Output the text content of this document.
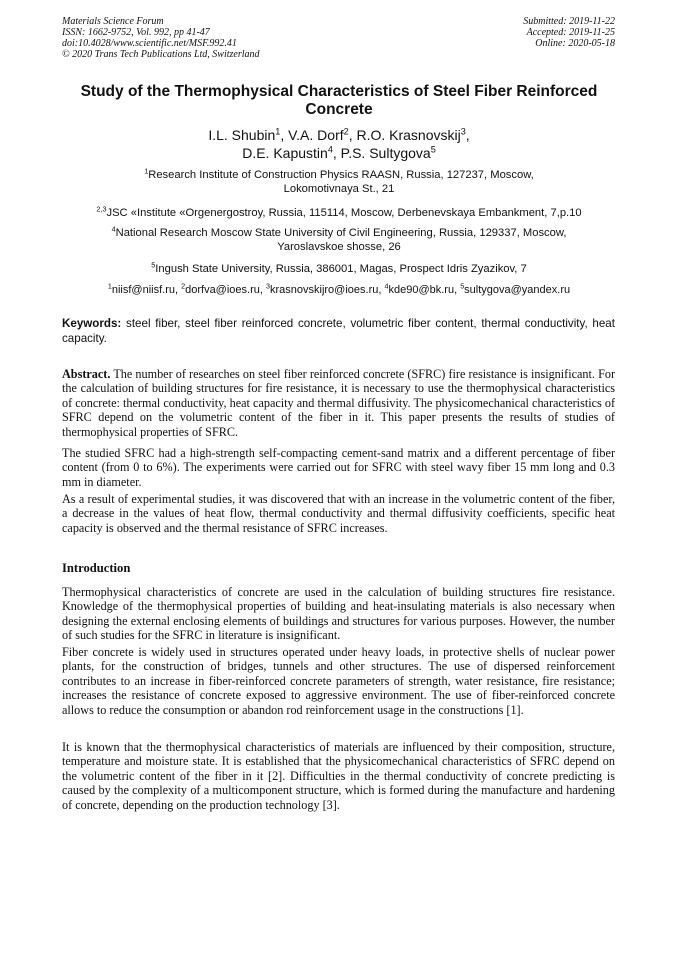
Materials Science Forum
ISSN: 1662-9752, Vol. 992, pp 41-47
doi:10.4028/www.scientific.net/MSF.992.41
© 2020 Trans Tech Publications Ltd, Switzerland
Submitted: 2019-11-22
Accepted: 2019-11-25
Online: 2020-05-18
Study of the Thermophysical Characteristics of Steel Fiber Reinforced
Concrete
I.L. Shubin$^1$, V.A. Dorf$^2$, R.O. Krasnovskij$^3$,
D.E. Kapustin$^4$, P.S. Sultygova$^5$
$^1$Research Institute of Construction Physics RAASN, Russia, 127237, Moscow,
Lokomotivnaya St., 21
$^{2,3}$JSC «Institute «Orgenergostroy, Russia, 115114, Moscow, Derbenevskaya Embankment, 7,p.10
$^4$National Research Moscow State University of Civil Engineering, Russia, 129337, Moscow,
Yaroslavskoe shosse, 26
$^5$Ingush State University, Russia, 386001, Magas, Prospect Idris Zyazikov, 7
$^1$niisf@niisf.ru, $^2$dorfva@ioes.ru, $^3$krasnovskijro@ioes.ru, $^4$kde90@bk.ru, $^5$sultygova@yandex.ru
Keywords: steel fiber, steel fiber reinforced concrete, volumetric fiber content, thermal conductivity, heat capacity.

Abstract. The number of researches on steel fiber reinforced concrete (SFRC) fire resistance is insignificant. For the calculation of building structures for fire resistance, it is necessary to use the thermophysical characteristics of concrete: thermal conductivity, heat capacity and thermal diffusivity. The physicomechanical characteristics of SFRC depend on the volumetric content of the fiber in it. This paper presents the results of studies of thermophysical properties of SFRC.

The studied SFRC had a high-strength self-compacting cement-sand matrix and a different percentage of fiber content (from 0 to 6%). The experiments were carried out for SFRC with steel wavy fiber 15 mm long and 0.3 mm in diameter.

As a result of experimental studies, it was discovered that with an increase in the volumetric content of the fiber, a decrease in the values of heat flow, thermal conductivity and thermal diffusivity coefficients, specific heat capacity is observed and the thermal resistance of SFRC increases.

Introduction

Thermophysical characteristics of concrete are used in the calculation of building structures fire resistance. Knowledge of the thermophysical properties of building and heat-insulating materials is also necessary when designing the external enclosing elements of buildings and structures for various purposes. However, the number of such studies for the SFRC in literature is insignificant.

Fiber concrete is widely used in structures operated under heavy loads, in protective shells of nuclear power plants, for the construction of bridges, tunnels and other structures. The use of dispersed reinforcement contributes to an increase in fiber-reinforced concrete parameters of strength, water resistance, fire resistance; increases the resistance of concrete exposed to aggressive environment. The use of fiber-reinforced concrete allows to reduce the consumption or abandon rod reinforcement usage in the constructions [1].

It is known that the thermophysical characteristics of materials are influenced by their composition, structure, temperature and moisture state. It is established that the physicomechanical characteristics of SFRC depend on the volumetric content of the fiber in it [2]. Difficulties in the thermal conductivity of concrete predicting is caused by the complexity of a multicomponent structure, which is formed during the manufacture and hardening of concrete, depending on the production technology [3].
